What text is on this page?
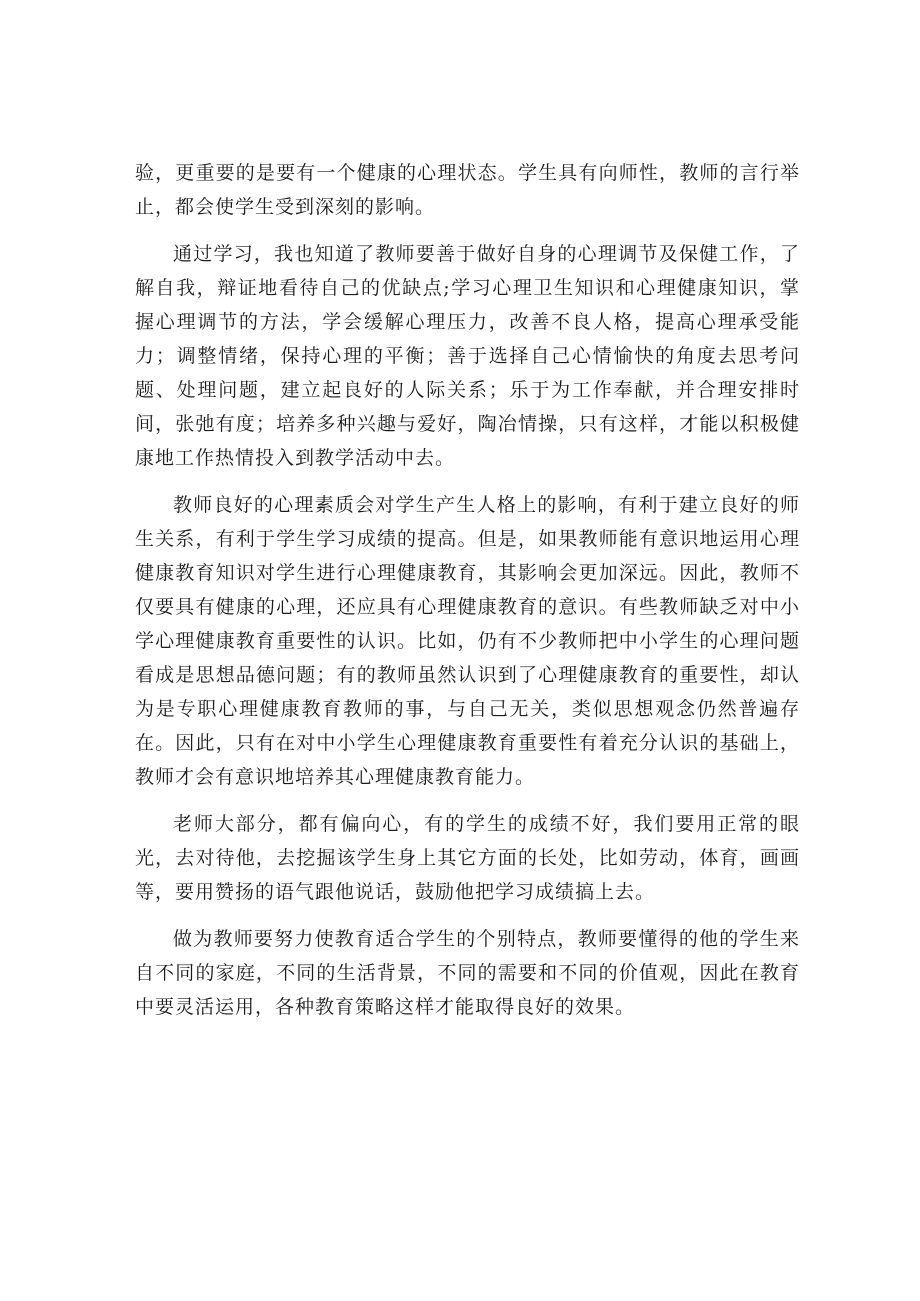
验，更重要的是要有一个健康的心理状态。学生具有向师性，教师的言行举止，都会使学生受到深刻的影响。

通过学习，我也知道了教师要善于做好自身的心理调节及保健工作，了解自我，辩证地看待自己的优缺点;学习心理卫生知识和心理健康知识，掌握心理调节的方法，学会缓解心理压力，改善不良人格，提高心理承受能力；调整情绪，保持心理的平衡；善于选择自己心情愉快的角度去思考问题、处理问题，建立起良好的人际关系；乐于为工作奉献，并合理安排时间，张弛有度；培养多种兴趣与爱好，陶冶情操，只有这样，才能以积极健康地工作热情投入到教学活动中去。

教师良好的心理素质会对学生产生人格上的影响，有利于建立良好的师生关系，有利于学生学习成绩的提高。但是，如果教师能有意识地运用心理健康教育知识对学生进行心理健康教育，其影响会更加深远。因此，教师不仅要具有健康的心理，还应具有心理健康教育的意识。有些教师缺乏对中小学心理健康教育重要性的认识。比如，仍有不少教师把中小学生的心理问题看成是思想品德问题；有的教师虽然认识到了心理健康教育的重要性，却认为是专职心理健康教育教师的事，与自己无关，类似思想观念仍然普遍存在。因此，只有在对中小学生心理健康教育重要性有着充分认识的基础上，教师才会有意识地培养其心理健康教育能力。

老师大部分，都有偏向心，有的学生的成绩不好，我们要用正常的眼光，去对待他，去挖掘该学生身上其它方面的长处，比如劳动，体育，画画等，要用赞扬的语气跟他说话，鼓励他把学习成绩搞上去。

做为教师要努力使教育适合学生的个别特点，教师要懂得的他的学生来自不同的家庭，不同的生活背景，不同的需要和不同的价值观，因此在教育中要灵活运用，各种教育策略这样才能取得良好的效果。
